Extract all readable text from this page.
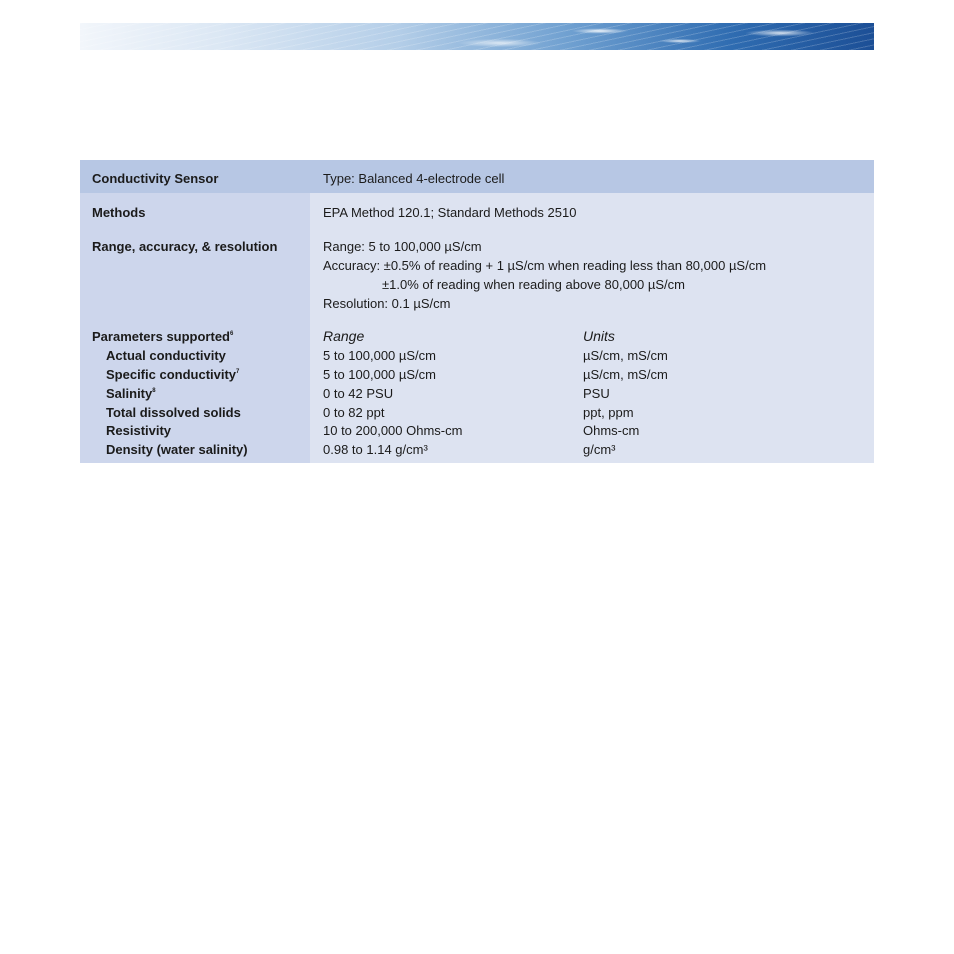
Conductivity Sensor	Type: Balanced 4-electrode cell
Methods	EPA Method 120.1; Standard Methods 2510
Range, accuracy, & resolution	Range: 5 to 100,000 µS/cm
Accuracy: ±0.5% of reading + 1 µS/cm when reading less than 80,000 µS/cm
±1.0% of reading when reading above 80,000 µS/cm
Resolution: 0.1 µS/cm
Parameters supported$^6$	Range	Units
Actual conductivity	5 to 100,000 µS/cm	µS/cm, mS/cm
Specific conductivity$^7$	5 to 100,000 µS/cm	µS/cm, mS/cm
Salinity$^8$	0 to 42 PSU	PSU
Total dissolved solids	0 to 82 ppt	ppt, ppm
Resistivity	10 to 200,000 Ohms-cm	Ohms-cm
Density (water salinity)	0.98 to 1.14 g/cm³	g/cm³
